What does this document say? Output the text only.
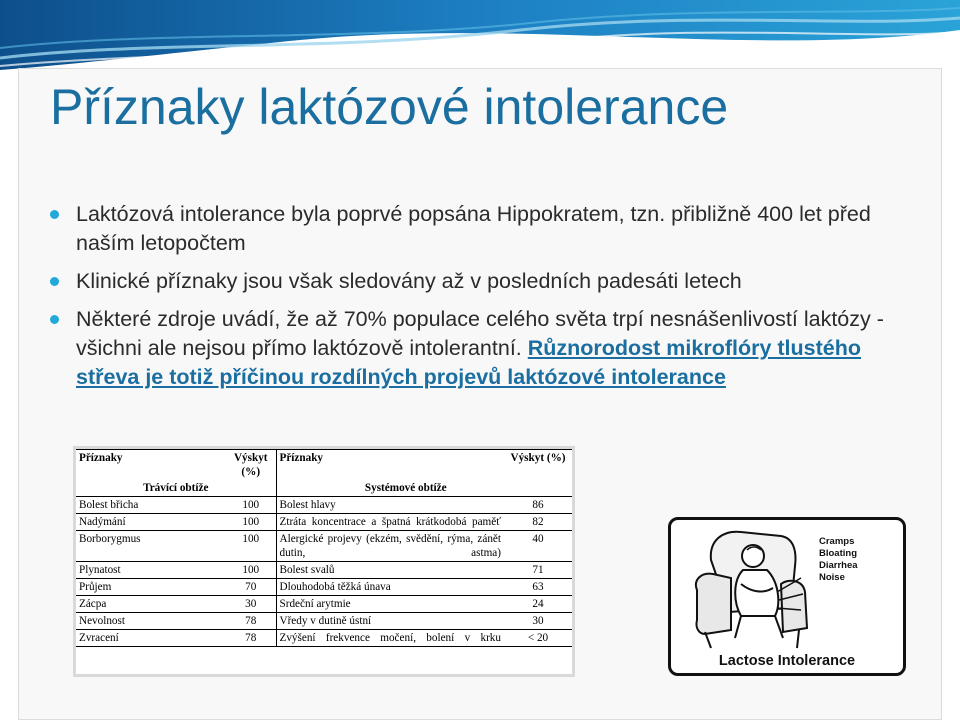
Příznaky laktózové intolerance
Laktózová intolerance byla poprvé popsána Hippokratem, tzn. přibližně 400 let před naším letopočtem
Klinické příznaky jsou však sledovány až v posledních padesáti letech
Některé zdroje uvádí, že až 70% populace celého světa trpí nesnášenlivostí laktózy - všichni ale nejsou přímo laktózově intolerantní. Různorodost mikroflóry tlustého střeva je totiž příčinou rozdílných projevů laktózové intolerance
Příznaky	Výskyt (%)	Příznaky	Výskyt (%)
Trávící obtíže		Systémové obtíže	
Bolest břicha	100	Bolest hlavy	86
Nadýmání	100	Ztráta koncentrace a špatná krátkodobá paměť	82
Borborygmus	100	Alergické projevy (ekzém, svědění, rýma, zánět dutin, astma)	40
Plynatost	100	Bolest svalů	71
Průjem	70	Dlouhodobá těžká únava	63
Zácpa	30	Srdeční arytmie	24
Nevolnost	78	Vředy v dutině ústní	30
Zvracení	78	Zvýšení frekvence močení, bolení v krku	< 20
Cramps
Bloating
Diarrhea
Noise

Lactose Intolerance
